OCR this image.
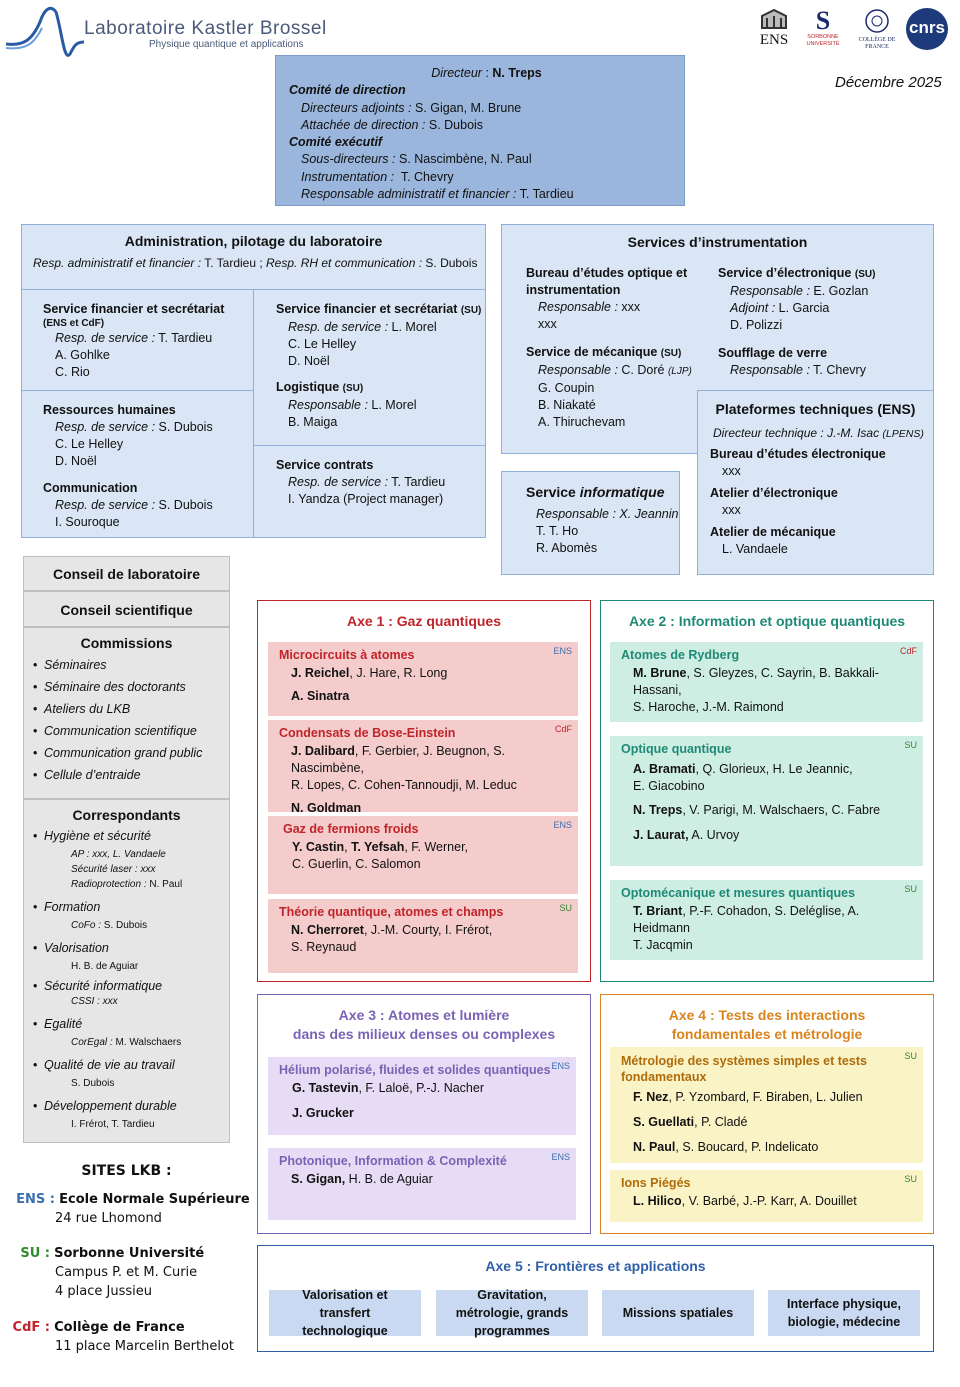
Laboratoire Kastler Brossel
Physique quantique et applications	ENS
S
SORBONNE UNIVERSITÉ
COLLÈGE DE FRANCE
cnrs
Décembre 2025
Directeur : N. Treps
Comité de direction
Directeurs adjoints : S. Gigan, M. Brune
Attachée de direction : S. Dubois
Comité exécutif
Sous-directeurs : S. Nascimbène, N. Paul
Instrumentation :  T. Chevry
Responsable administratif et financier : T. Tardieu
Administration, pilotage du laboratoire
Resp. administratif et financier : T. Tardieu ; Resp. RH et communication : S. Dubois
Service financier et secrétariat
(ENS et CdF)
Resp. de service : T. Tardieu
A. Gohlke
C. Rio
Ressources humaines
Resp. de service : S. Dubois
C. Le Helley
D. Noël
Communication
Resp. de service : S. Dubois
I. Souroque
Service financier et secrétariat (SU)
Resp. de service : L. Morel
C. Le Helley
D. Noël
Logistique (SU)
Responsable : L. Morel
B. Maiga
Service contrats
Resp. de service : T. Tardieu
I. Yandza (Project manager)
Services d’instrumentation
Bureau d’études optique et instrumentation
Responsable : xxx
xxx
Service de mécanique (SU)
Responsable : C. Doré (LJP)
G. Coupin
B. Niakaté
A. Thiruchevam
Service d’électronique (SU)
Responsable : E. Gozlan
Adjoint : L. Garcia
D. Polizzi
Soufflage de verre
Responsable : T. Chevry
Service informatique
Responsable : X. Jeannin
T. T. Ho
R. Abomès
Plateformes techniques (ENS)
Directeur technique : J.-M. Isac (LPENS)
Bureau d’études électronique
xxx
Atelier d’électronique
xxx
Atelier de mécanique
L. Vandaele
Conseil de laboratoire
Conseil scientifique
Commissions
• Séminaires
• Séminaire des doctorants
• Ateliers du LKB
• Communication scientifique
• Communication grand public
• Cellule d’entraide
Correspondants
• Hygiène et sécurité
AP : xxx, L. Vandaele
Sécurité laser : xxx
Radioprotection : N. Paul
• Formation
CoFo : S. Dubois
• Valorisation
H. B. de Aguiar
• Sécurité informatique
CSSI : xxx
• Egalité
CorEgal : M. Walschaers
• Qualité de vie au travail
S. Dubois
• Développement durable
I. Frérot, T. Tardieu
SITES LKB :
ENS : Ecole Normale Supérieure
24 rue Lhomond
SU : Sorbonne Université
Campus P. et M. Curie
4 place Jussieu
CdF : Collège de France
11 place Marcelin Berthelot
Axe 1 : Gaz quantiques
ENS
Microcircuits à atomes
J. Reichel, J. Hare, R. Long
A. Sinatra
CdF
Condensats de Bose-Einstein
J. Dalibard, F. Gerbier, J. Beugnon, S. Nascimbène,
R. Lopes, C. Cohen-Tannoudji, M. Leduc
N. Goldman
ENS
Gaz de fermions froids
Y. Castin, T. Yefsah, F. Werner,
C. Guerlin, C. Salomon
SU
Théorie quantique, atomes et champs
N. Cherroret, J.-M. Courty, I. Frérot,
S. Reynaud
Axe 2 : Information et optique quantiques
CdF
Atomes de Rydberg
M. Brune, S. Gleyzes, C. Sayrin, B. Bakkali-Hassani,
S. Haroche, J.-M. Raimond
SU
Optique quantique
A. Bramati, Q. Glorieux, H. Le Jeannic,
E. Giacobino
N. Treps, V. Parigi, M. Walschaers, C. Fabre
J. Laurat, A. Urvoy
SU
Optomécanique et mesures quantiques
T. Briant, P.-F. Cohadon, S. Deléglise, A. Heidmann
T. Jacqmin
Axe 3 : Atomes et lumière
dans des milieux denses ou complexes
ENS
Hélium polarisé, fluides et solides quantiques
G. Tastevin, F. Laloë, P.-J. Nacher
J. Grucker
ENS
Photonique, Information & Complexité
S. Gigan, H. B. de Aguiar
Axe 4 : Tests des interactions
fondamentales et métrologie
SU
Métrologie des systèmes simples et tests fondamentaux
F. Nez, P. Yzombard, F. Biraben, L. Julien
S. Guellati, P. Cladé
N. Paul, S. Boucard, P. Indelicato
SU
Ions Piégés
L. Hilico, V. Barbé, J.-P. Karr, A. Douillet
Axe 5 : Frontières et applications
Valorisation et transfert technologique
Gravitation, métrologie, grands programmes
Missions spatiales
Interface physique, biologie, médecine
